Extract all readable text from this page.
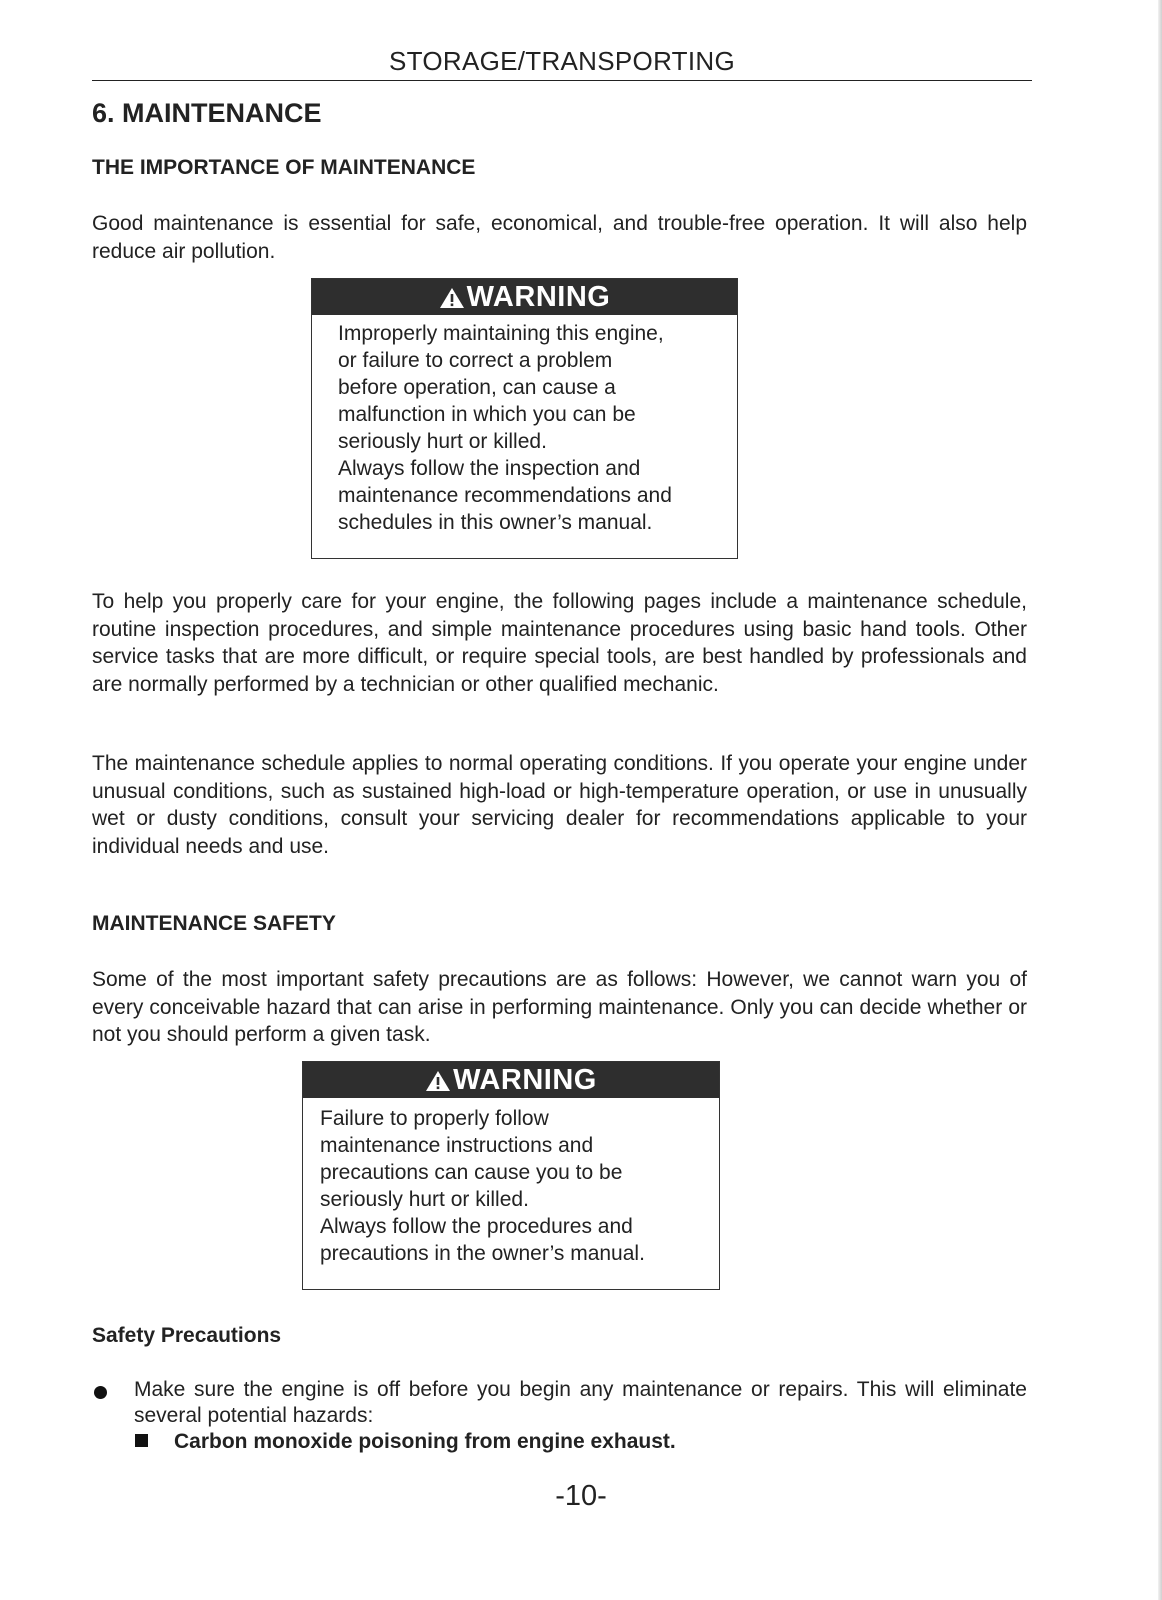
STORAGE/TRANSPORTING
6. MAINTENANCE
THE IMPORTANCE OF MAINTENANCE

Good maintenance is essential for safe, economical, and trouble-free operation. It will also help reduce air pollution.

WARNING

Improperly maintaining this engine,
or failure to correct a problem
before operation, can cause a
malfunction in which you can be
seriously hurt or killed.
Always follow the inspection and
maintenance recommendations and
schedules in this owner’s manual.

To help you properly care for your engine, the following pages include a maintenance schedule, routine inspection procedures, and simple maintenance procedures using basic hand tools. Other service tasks that are more difficult, or require special tools, are best handled by professionals and are normally performed by a technician or other qualified mechanic.

The maintenance schedule applies to normal operating conditions. If you operate your engine under unusual conditions, such as sustained high-load or high-temperature operation, or use in unusually wet or dusty conditions, consult your servicing dealer for recommendations applicable to your individual needs and use.

MAINTENANCE SAFETY

Some of the most important safety precautions are as follows: However, we cannot warn you of every conceivable hazard that can arise in performing maintenance. Only you can decide whether or not you should perform a given task.

WARNING

Failure to properly follow
maintenance instructions and
precautions can cause you to be
seriously hurt or killed.
Always follow the procedures and
precautions in the owner’s manual.

Safety Precautions

Make sure the engine is off before you begin any maintenance or repairs. This will eliminate several potential hazards:

Carbon monoxide poisoning from engine exhaust.
-10-
